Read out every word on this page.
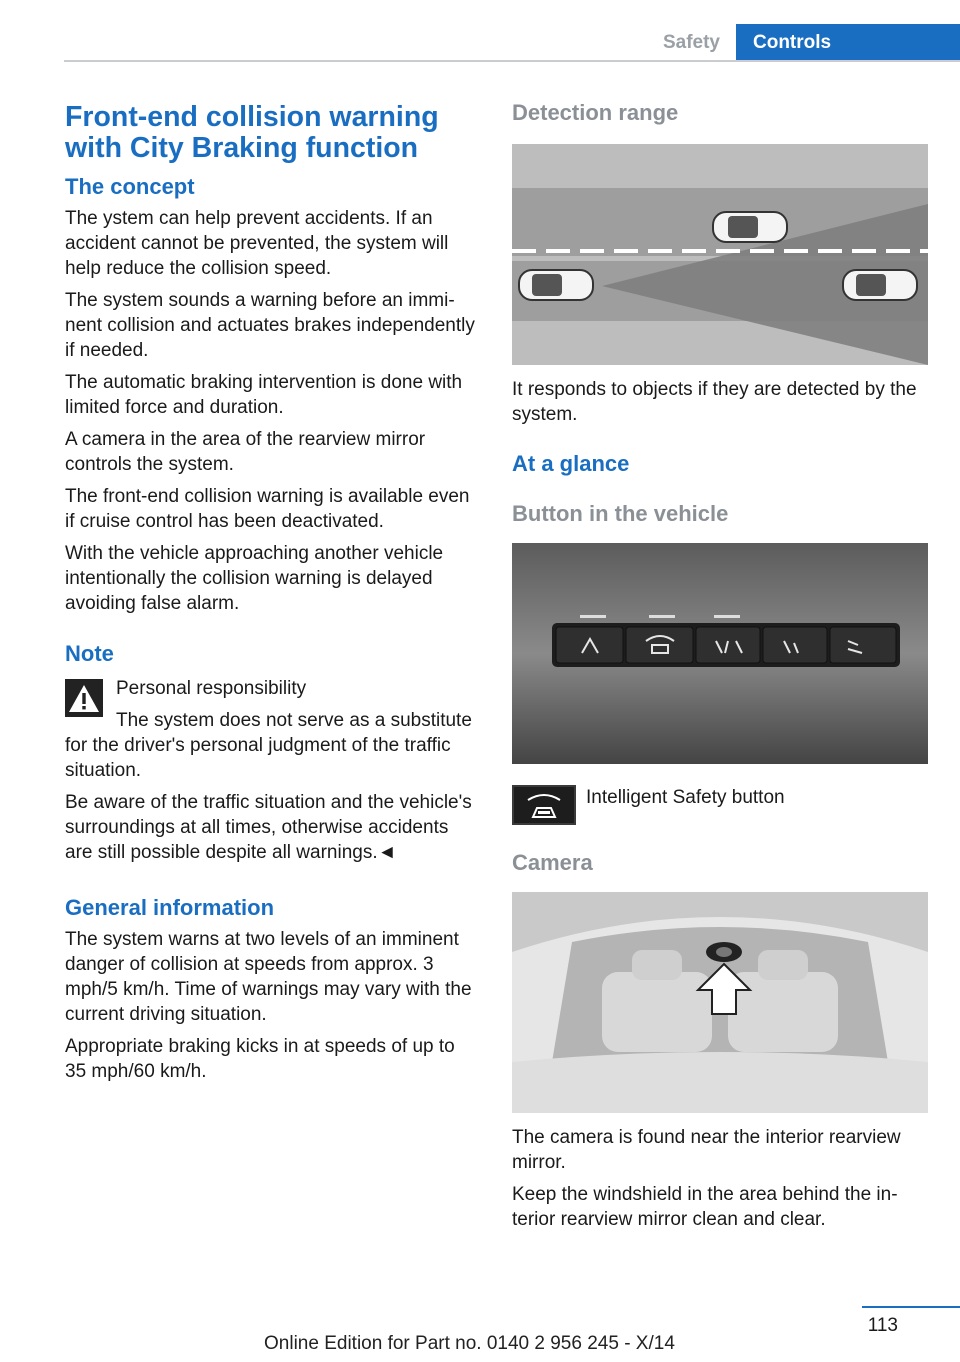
Safety	Controls
Front-end collision warning with City Braking function
The concept

The ystem can help prevent accidents. If an accident cannot be prevented, the system will help reduce the collision speed.

The system sounds a warning before an imminent collision and actuates brakes independently if needed.

The automatic braking intervention is done with limited force and duration.

A camera in the area of the rearview mirror controls the system.

The front-end collision warning is available even if cruise control has been deactivated.

With the vehicle approaching another vehicle intentionally the collision warning is delayed avoiding false alarm.

Note

Personal responsibility

The system does not serve as a substitute for the driver's personal judgment of the traffic situation.

Be aware of the traffic situation and the vehicle's surroundings at all times, otherwise accidents are still possible despite all warnings.◄

General information

The system warns at two levels of an imminent danger of collision at speeds from approx. 3 mph/5 km/h. Time of warnings may vary with the current driving situation.

Appropriate braking kicks in at speeds of up to 35 mph/60 km/h.

Detection range

It responds to objects if they are detected by the system.

At a glance
Button in the vehicle
Intelligent Safety button
Camera

The camera is found near the interior rearview mirror.

Keep the windshield in the area behind the interior rearview mirror clean and clear.

113
Online Edition for Part no. 0140 2 956 245 - X/14
